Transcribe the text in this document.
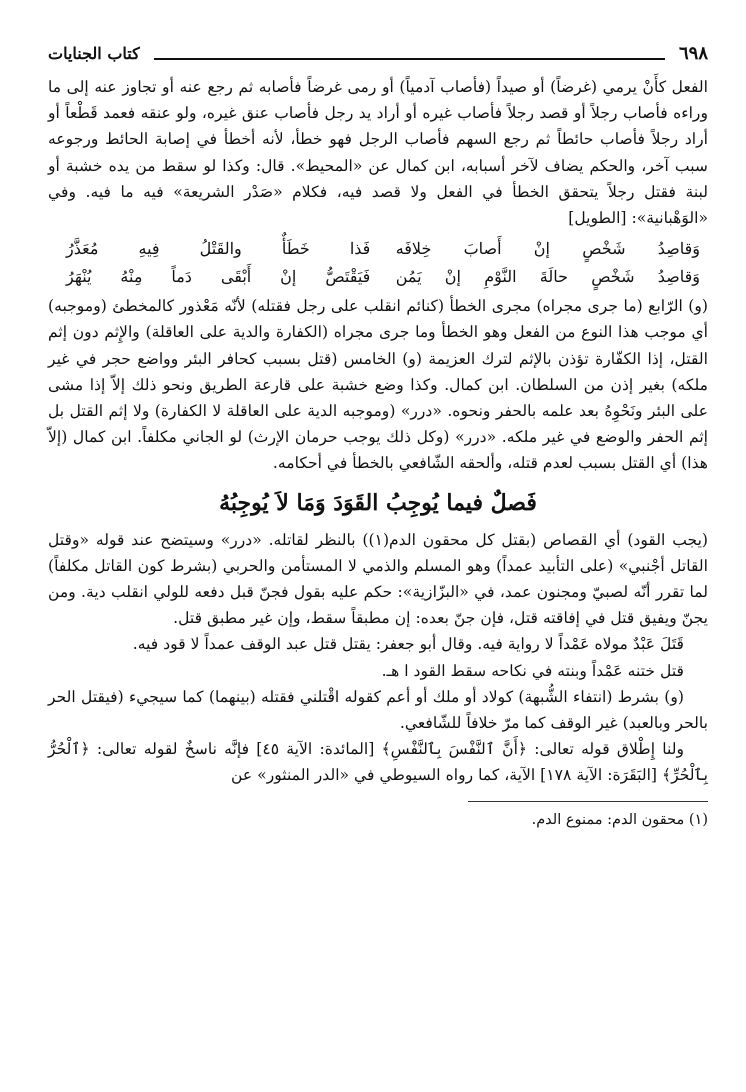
٦٩٨
كتاب الجنايات

الفعل كأَنْ يرمي (غرضاً) أو صيداً (فأصاب آدمياً) أو رمى غرضاً فأصابه ثم رجع عنه أو تجاوز عنه إلى ما وراءه فأصاب رجلاً أو قصد رجلاً فأصاب غيره أو أراد يد رجل فأصاب عنق غيره، ولو عنقه فعمد قَطْعاً أو أراد رجلاً فأصاب حائطاً ثم رجع السهم فأصاب الرجل فهو خطأ، لأنه أخطأ في إصابة الحائط ورجوعه سبب آخر، والحكم يضاف لآخر أسبابه، ابن كمال عن «المحيط». قال: وكذا لو سقط من يده خشبة أو لبنة فقتل رجلاً يتحقق الخطأ في الفعل ولا قصد فيه، فكلام «صَدْر الشريعة» فيه ما فيه. وفي «الوَهْبانية»: [الطويل]

وَقاصِدُ شَخْصٍ إنْ أَصابَ خِلافَه
فَذا خَطَأٌ والقَتْلُ فِيهِ مُعَذَّرُ
وَقاصِدُ شَخْصٍ حالَةَ النَّوْمِ إنْ يَمُن
فَيَقْتَصُّ إنْ أَبْقَى دَماً مِنْهُ يُنْهَرُ

(و) الرّابع (ما جرى مجراه) مجرى الخطأ (كنائم انقلب على رجل فقتله) لأنّه مَعْذور كالمخطئ (وموجبه) أي موجب هذا النوع من الفعل وهو الخطأ وما جرى مجراه (الكفارة والدية على العاقلة) والإِثم دون إثم القتل، إذا الكفّارة تؤذن بالإثم لترك العزيمة (و) الخامس (قتل بسبب كحافر البئر وواضع حجر في غير ملكه) بغير إذن من السلطان. ابن كمال. وكذا وضع خشبة على قارعة الطريق ونحو ذلك إلاّ إذا مشى على البئر ونَحْوِهُ بعد علمه بالحفر ونحوه. «درر» (وموجبه الدية على العاقلة لا الكفارة) ولا إثم القتل بل إثم الحفر والوضع في غير ملكه. «درر» (وكل ذلك يوجب حرمان الإرث) لو الجاني مكلفاً. ابن كمال (إلاّ هذا) أي القتل بسبب لعدم قتله، وألحقه الشّافعي بالخطأ في أحكامه.

فَصلٌ فيما يُوجِبُ القَوَدَ وَمَا لاَ يُوجِبُهُ

(يجب القود) أي القصاص (بقتل كل محقون الدم(١)) بالنظر لقاتله. «درر» وسيتضح عند قوله «وقتل القاتل أجْنبي» (على التأبيد عمداً) وهو المسلم والذمي لا المستأمن والحربي (بشرط كون القاتل مكلفاً) لما تقرر أنّه لصبيّ ومجنون عمد، في «البزّازية»: حكم عليه بقول فجنّ قبل دفعه للولي انقلب دية. ومن يجنّ ويفيق قتل في إفاقته قتل، فإن جنّ بعده: إن مطبقاً سقط، وإن غير مطبق قتل.

قَتَلَ عَبْدٌ مولاه عَمْداً لا رواية فيه. وقال أبو جعفر: يقتل قتل عبد الوقف عمداً لا قود فيه.

قتل ختنه عَمْداً وبنته في نكاحه سقط القود ا هـ.

(و) بشرط (انتفاء الشُّبهة) كولاد أو ملك أو أعم كقوله اقْتلني فقتله (بينهما) كما سيجيء (فيقتل الحر بالحر وبالعبد) غير الوقف كما مرّ خلافاً للشّافعي.

ولنا إِطْلاق قوله تعالى: ﴿أَنَّ ٱلنَّفْسَ بِٱلنَّفْسِ﴾ [المائدة: الآية ٤٥] فإنَّه ناسخٌ لقوله تعالى: ﴿ٱلْحُرُّ بِٱلْحُرِّ﴾ [البَقَرَة: الآية ١٧٨] الآية، كما رواه السيوطي في «الدر المنثور» عن

(١) محقون الدم: ممنوع الدم.
